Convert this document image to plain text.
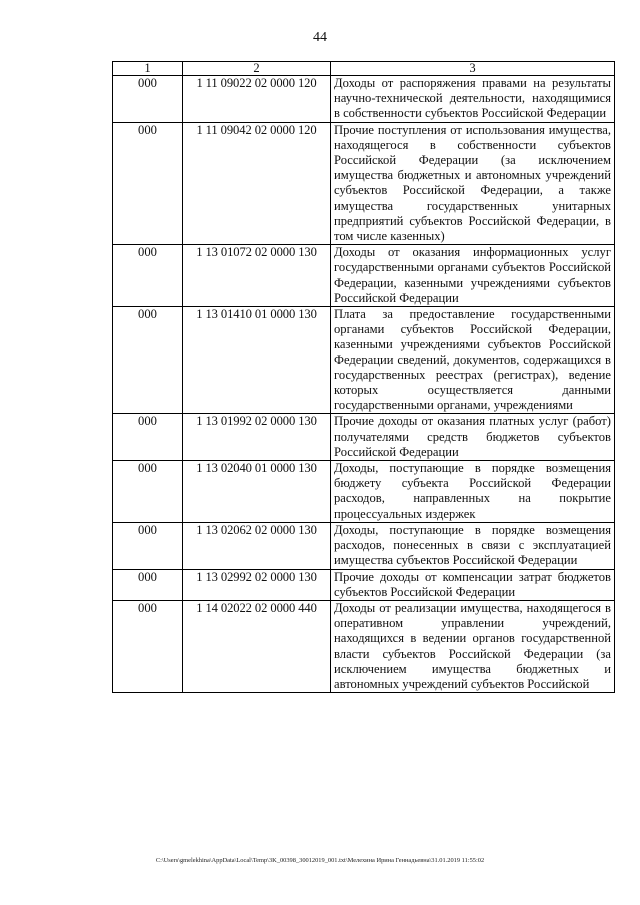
44
1	2	3
000	1 11 09022 02 0000 120	Доходы от распоряжения правами на результаты научно-технической деятельности, находящимися в собственности субъектов Российской Федерации
000	1 11 09042 02 0000 120	Прочие поступления от использования имущества, находящегося в собственности субъектов Российской Федерации (за исключением имущества бюджетных и автономных учреждений субъектов Российской Федерации, а также имущества государственных унитарных предприятий субъектов Российской Федерации, в том числе казенных)
000	1 13 01072 02 0000 130	Доходы от оказания информационных услуг государственными органами субъектов Российской Федерации, казенными учреждениями субъектов Российской Федерации
000	1 13 01410 01 0000 130	Плата за предоставление государственными органами субъектов Российской Федерации, казенными учреждениями субъектов Российской Федерации сведений, документов, содержащихся в государственных реестрах (регистрах), ведение которых осуществляется данными государственными органами, учреждениями
000	1 13 01992 02 0000 130	Прочие доходы от оказания платных услуг (работ) получателями средств бюджетов субъектов Российской Федерации
000	1 13 02040 01 0000 130	Доходы, поступающие в порядке возмещения бюджету субъекта Российской Федерации расходов, направленных на покрытие процессуальных издержек
000	1 13 02062 02 0000 130	Доходы, поступающие в порядке возмещения расходов, понесенных в связи с эксплуатацией имущества субъектов Российской Федерации
000	1 13 02992 02 0000 130	Прочие доходы от компенсации затрат бюджетов субъектов Российской Федерации
000	1 14 02022 02 0000 440	Доходы от реализации имущества, находящегося в оперативном управлении учреждений, находящихся в ведении органов государственной власти субъектов Российской Федерации (за исключением имущества бюджетных и автономных учреждений субъектов Российской
C:\Users\gmelekhina\AppData\Local\Temp\3K_00398_30012019_001.txt\Мелехина Ирина Геннадьевна\31.01.2019 11:55:02
